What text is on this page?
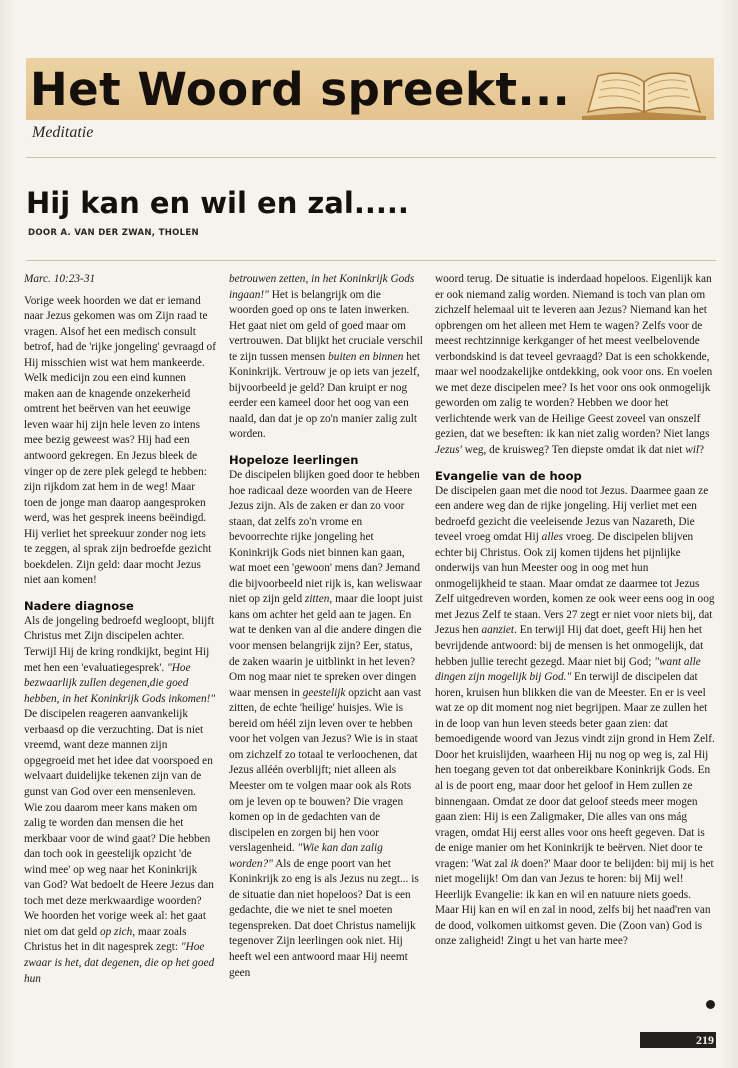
Het Woord spreekt...
Meditatie
Hij kan en wil en zal.....
DOOR A. VAN DER ZWAN, THOLEN

Marc. 10:23-31

Vorige week hoorden we dat er iemand naar Jezus gekomen was om Zijn raad te vragen. Alsof het een medisch consult betrof, had de 'rijke jongeling' gevraagd of Hij misschien wist wat hem mankeerde. Welk medicijn zou een eind kunnen maken aan de knagende onzekerheid omtrent het beërven van het eeuwige leven waar hij zijn hele leven zo intens mee bezig geweest was? Hij had een antwoord gekregen. En Jezus bleek de vinger op de zere plek gelegd te hebben: zijn rijkdom zat hem in de weg! Maar toen de jonge man daarop aangesproken werd, was het gesprek ineens beëindigd. Hij verliet het spreekuur zonder nog iets te zeggen, al sprak zijn bedroefde gezicht boekdelen. Zijn geld: daar mocht Jezus niet aan komen!

Nadere diagnose

Als de jongeling bedroefd wegloopt, blijft Christus met Zijn discipelen achter. Terwijl Hij de kring rondkijkt, begint Hij met hen een 'evaluatiegesprek'. "Hoe bezwaarlijk zullen degenen,die goed hebben, in het Koninkrijk Gods inkomen!" De discipelen reageren aanvankelijk verbaasd op die verzuchting. Dat is niet vreemd, want deze mannen zijn opgegroeid met het idee dat voorspoed en welvaart duidelijke tekenen zijn van de gunst van God over een mensenleven. Wie zou daarom meer kans maken om zalig te worden dan mensen die het merkbaar voor de wind gaat? Die hebben dan toch ook in geestelijk opzicht 'de wind mee' op weg naar het Koninkrijk van God? Wat bedoelt de Heere Jezus dan toch met deze merkwaardige woorden? We hoorden het vorige week al: het gaat niet om dat geld op zich, maar zoals Christus het in dit nagesprek zegt: "Hoe zwaar is het, dat degenen, die op het goed hun

betrouwen zetten, in het Koninkrijk Gods ingaan!" Het is belangrijk om die woorden goed op ons te laten inwerken. Het gaat niet om geld of goed maar om vertrouwen. Dat blijkt het cruciale verschil te zijn tussen mensen buiten en binnen het Koninkrijk. Vertrouw je op iets van jezelf, bijvoorbeeld je geld? Dan kruipt er nog eerder een kameel door het oog van een naald, dan dat je op zo'n manier zalig zult worden.

Hopeloze leerlingen

De discipelen blijken goed door te hebben hoe radicaal deze woorden van de Heere Jezus zijn. Als de zaken er dan zo voor staan, dat zelfs zo'n vrome en bevoorrechte rijke jongeling het Koninkrijk Gods niet binnen kan gaan, wat moet een 'gewoon' mens dan? Jemand die bijvoorbeeld niet rijk is, kan weliswaar niet op zijn geld zitten, maar die loopt juist kans om achter het geld aan te jagen. En wat te denken van al die andere dingen die voor mensen belangrijk zijn? Eer, status, de zaken waarin je uitblinkt in het leven? Om nog maar niet te spreken over dingen waar mensen in geestelijk opzicht aan vast zitten, de echte 'heilige' huisjes. Wie is bereid om héél zijn leven over te hebben voor het volgen van Jezus? Wie is in staat om zichzelf zo totaal te verloochenen, dat Jezus alléén overblijft; niet alleen als Meester om te volgen maar ook als Rots om je leven op te bouwen? Die vragen komen op in de gedachten van de discipelen en zorgen bij hen voor verslagenheid. "Wie kan dan zalig worden?" Als de enge poort van het Koninkrijk zo eng is als Jezus nu zegt... is de situatie dan niet hopeloos? Dat is een gedachte, die we niet te snel moeten tegenspreken. Dat doet Christus namelijk tegenover Zijn leerlingen ook niet. Hij heeft wel een antwoord maar Hij neemt geen

woord terug. De situatie is inderdaad hopeloos. Eigenlijk kan er ook niemand zalig worden. Niemand is toch van plan om zichzelf helemaal uit te leveren aan Jezus? Niemand kan het opbrengen om het alleen met Hem te wagen? Zelfs voor de meest rechtzinnige kerkganger of het meest veelbelovende verbondskind is dat teveel gevraagd? Dat is een schokkende, maar wel noodzakelijke ontdekking, ook voor ons. En voelen we met deze discipelen mee? Is het voor ons ook onmogelijk geworden om zalig te worden? Hebben we door het verlichtende werk van de Heilige Geest zoveel van onszelf gezien, dat we beseften: ik kan niet zalig worden? Niet langs Jezus' weg, de kruisweg? Ten diepste omdat ik dat niet wil?

Evangelie van de hoop

De discipelen gaan met die nood tot Jezus. Daarmee gaan ze een andere weg dan de rijke jongeling. Hij verliet met een bedroefd gezicht die veeleisende Jezus van Nazareth, Die teveel vroeg omdat Hij alles vroeg. De discipelen blijven echter bij Christus. Ook zij komen tijdens het pijnlijke onderwijs van hun Meester oog in oog met hun onmogelijkheid te staan. Maar omdat ze daarmee tot Jezus Zelf uitgedreven worden, komen ze ook weer eens oog in oog met Jezus Zelf te staan. Vers 27 zegt er niet voor niets bij, dat Jezus hen aanziet. En terwijl Hij dat doet, geeft Hij hen het bevrijdende antwoord: bij de mensen is het onmogelijk, dat hebben jullie terecht gezegd. Maar niet bij God; "want alle dingen zijn mogelijk bij God." En terwijl de discipelen dat horen, kruisen hun blikken die van de Meester. En er is veel wat ze op dit moment nog niet begrijpen. Maar ze zullen het in de loop van hun leven steeds beter gaan zien: dat bemoedigende woord van Jezus vindt zijn grond in Hem Zelf. Door het kruislijden, waarheen Hij nu nog op weg is, zal Hij hen toegang geven tot dat onbereikbare Koninkrijk Gods. En al is de poort eng, maar door het geloof in Hem zullen ze binnengaan. Omdat ze door dat geloof steeds meer mogen gaan zien: Hij is een Zaligmaker, Die alles van ons mág vragen, omdat Hij eerst alles voor ons heeft gegeven. Dat is de enige manier om het Koninkrijk te beërven. Niet door te vragen: 'Wat zal ik doen?' Maar door te belijden: bij mij is het niet mogelijk! Om dan van Jezus te horen: bij Mij wel! Heerlijk Evangelie: ik kan en wil en natuure niets goeds. Maar Hij kan en wil en zal in nood, zelfs bij het naad'ren van de dood, volkomen uitkomst geven. Die (Zoon van) God is onze zaligheid! Zingt u het van harte mee?

219
